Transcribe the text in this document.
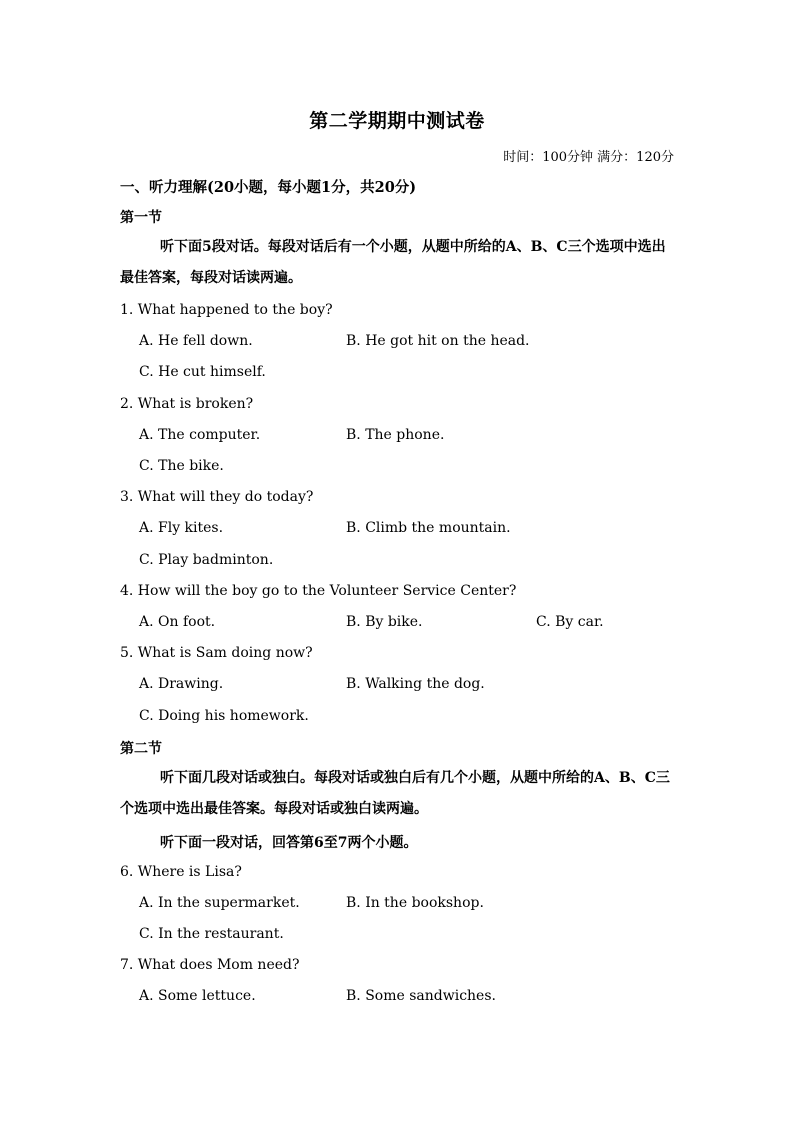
第二学期期中测试卷
时间：100分钟 满分：120分
一、听力理解(20小题，每小题1分，共20分)
第一节
听下面5段对话。每段对话后有一个小题，从题中所给的A、B、C三个选项中选出最佳答案，每段对话读两遍。
1. What happened to the boy?
A. He fell down.	B. He got hit on the head.
C. He cut himself.
2. What is broken?
A. The computer.	B. The phone.
C. The bike.
3. What will they do today?
A. Fly kites.	B. Climb the mountain.
C. Play badminton.
4. How will the boy go to the Volunteer Service Center?
A. On foot.	B. By bike.	C. By car.
5. What is Sam doing now?
A. Drawing.	B. Walking the dog.
C. Doing his homework.
第二节
听下面几段对话或独白。每段对话或独白后有几个小题，从题中所给的A、B、C三个选项中选出最佳答案。每段对话或独白读两遍。
听下面一段对话，回答第6至7两个小题。
6. Where is Lisa?
A. In the supermarket.	B. In the bookshop.
C. In the restaurant.
7. What does Mom need?
A. Some lettuce.	B. Some sandwiches.
